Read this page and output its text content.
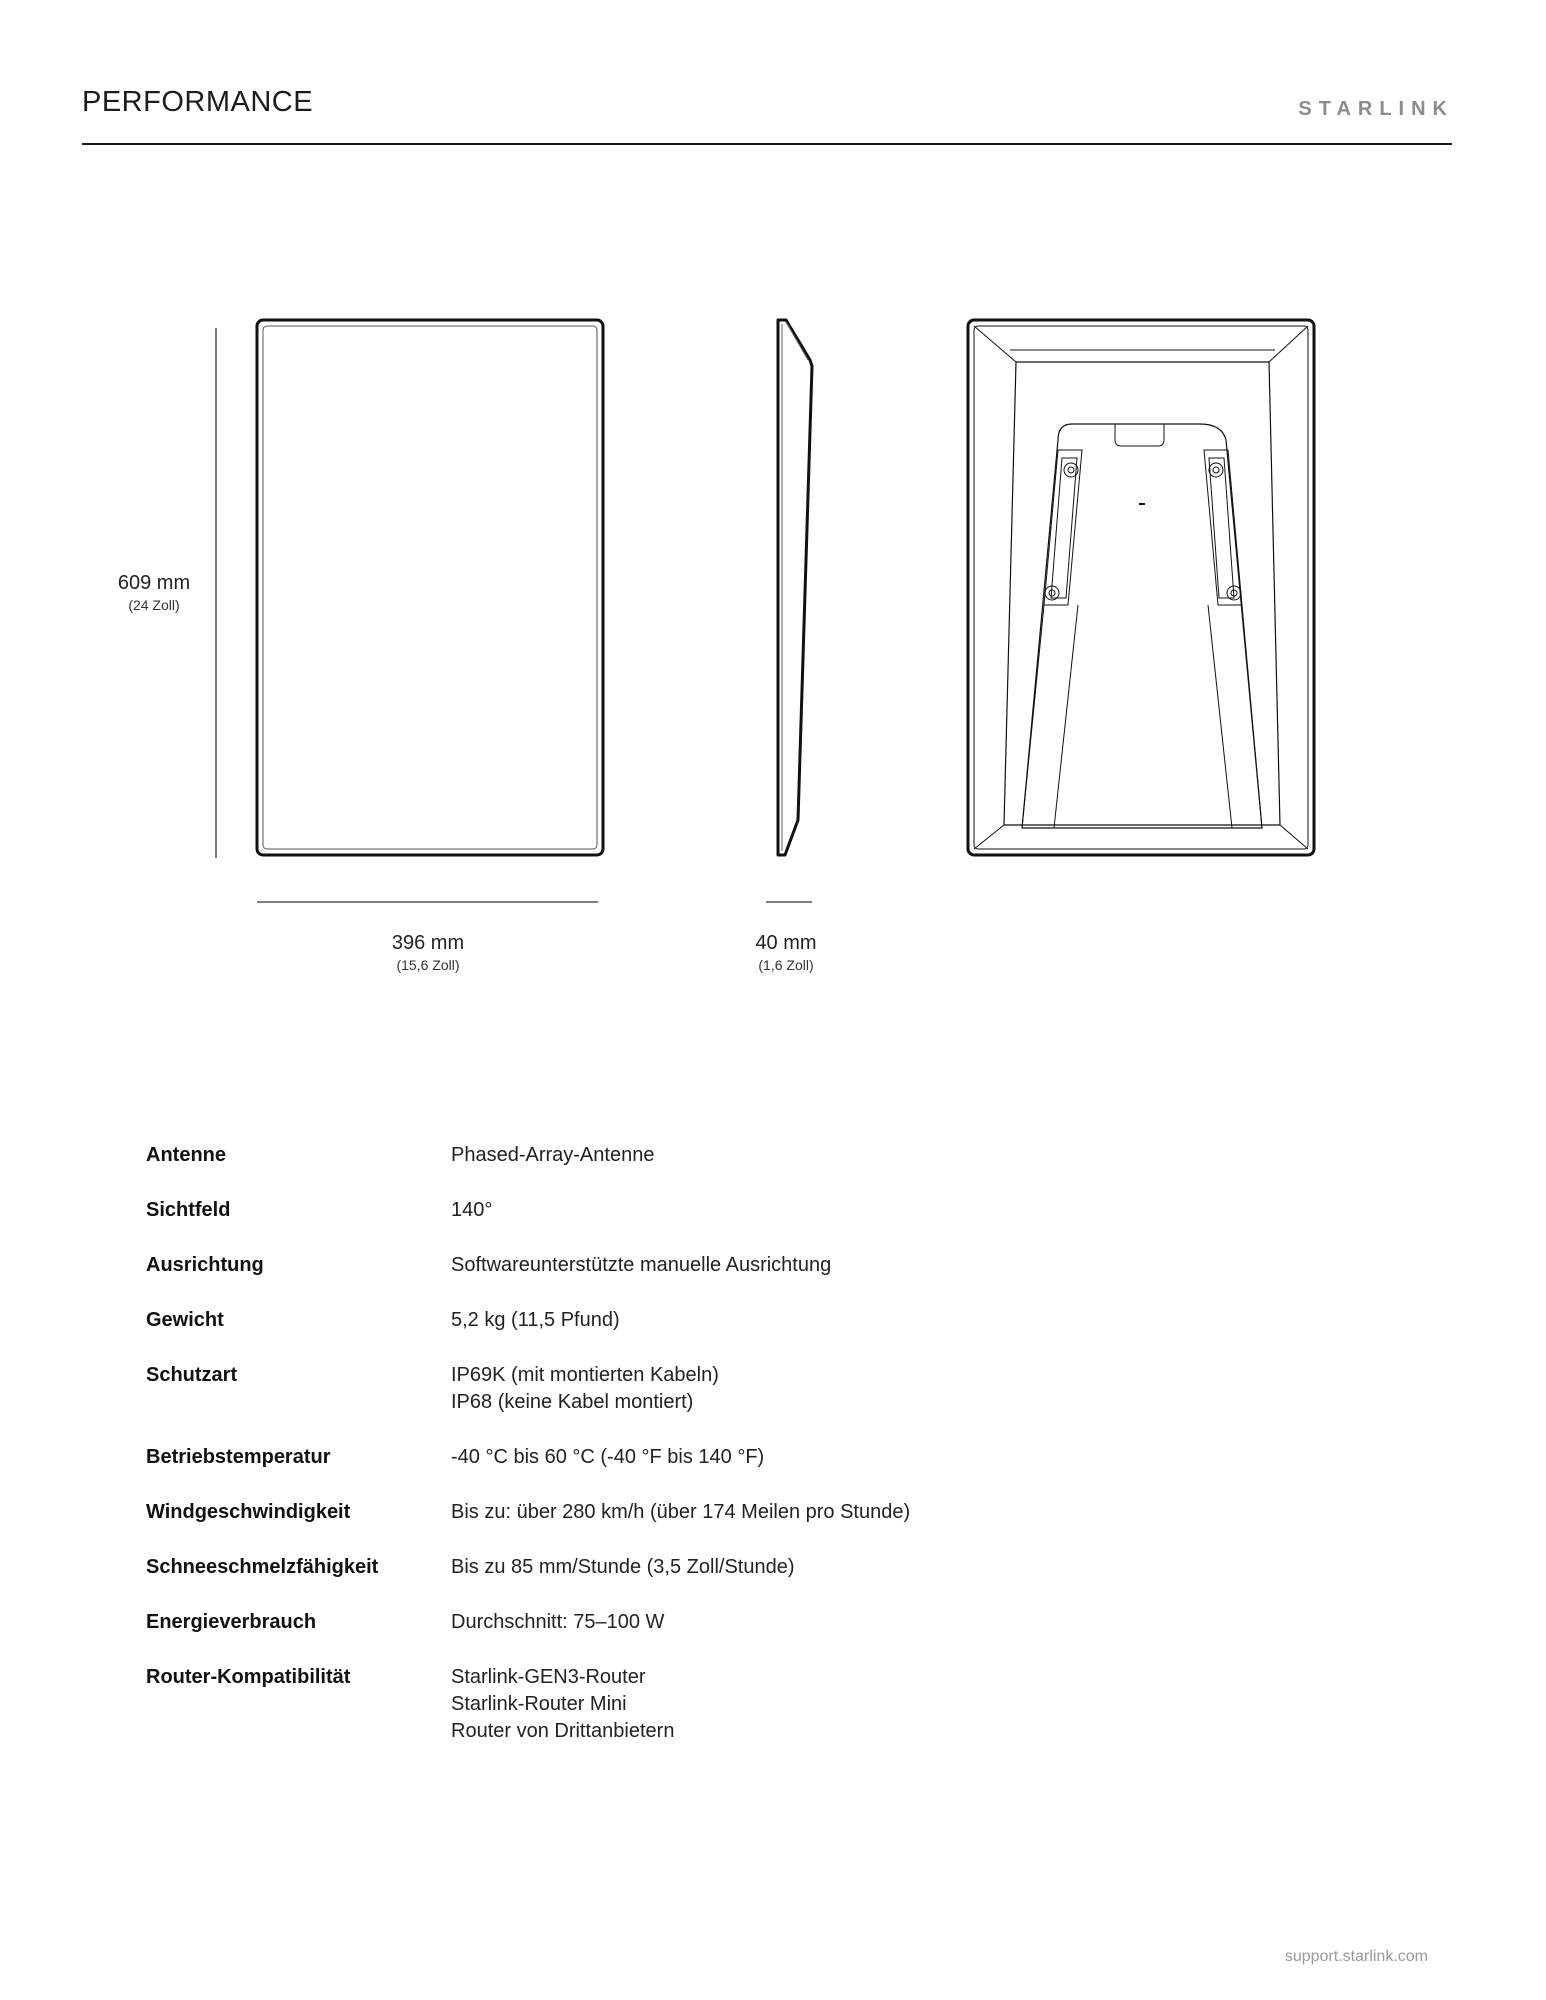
PERFORMANCE	STARLINK
609 mm
(24 Zoll)
396 mm
(15,6 Zoll)
40 mm
(1,6 Zoll)
Antenne	Phased-Array-Antenne
Sichtfeld	140°
Ausrichtung	Softwareunterstützte manuelle Ausrichtung
Gewicht	5,2 kg (11,5 Pfund)
Schutzart	IP69K (mit montierten Kabeln)
IP68 (keine Kabel montiert)
Betriebstemperatur	-40 °C bis 60 °C (-40 °F bis 140 °F)
Windgeschwindigkeit	Bis zu: über 280 km/h (über 174 Meilen pro Stunde)
Schneeschmelzfähigkeit	Bis zu 85 mm/Stunde (3,5 Zoll/Stunde)
Energieverbrauch	Durchschnitt: 75–100 W
Router-Kompatibilität	Starlink-GEN3-Router
Starlink-Router Mini
Router von Drittanbietern
support.starlink.com
